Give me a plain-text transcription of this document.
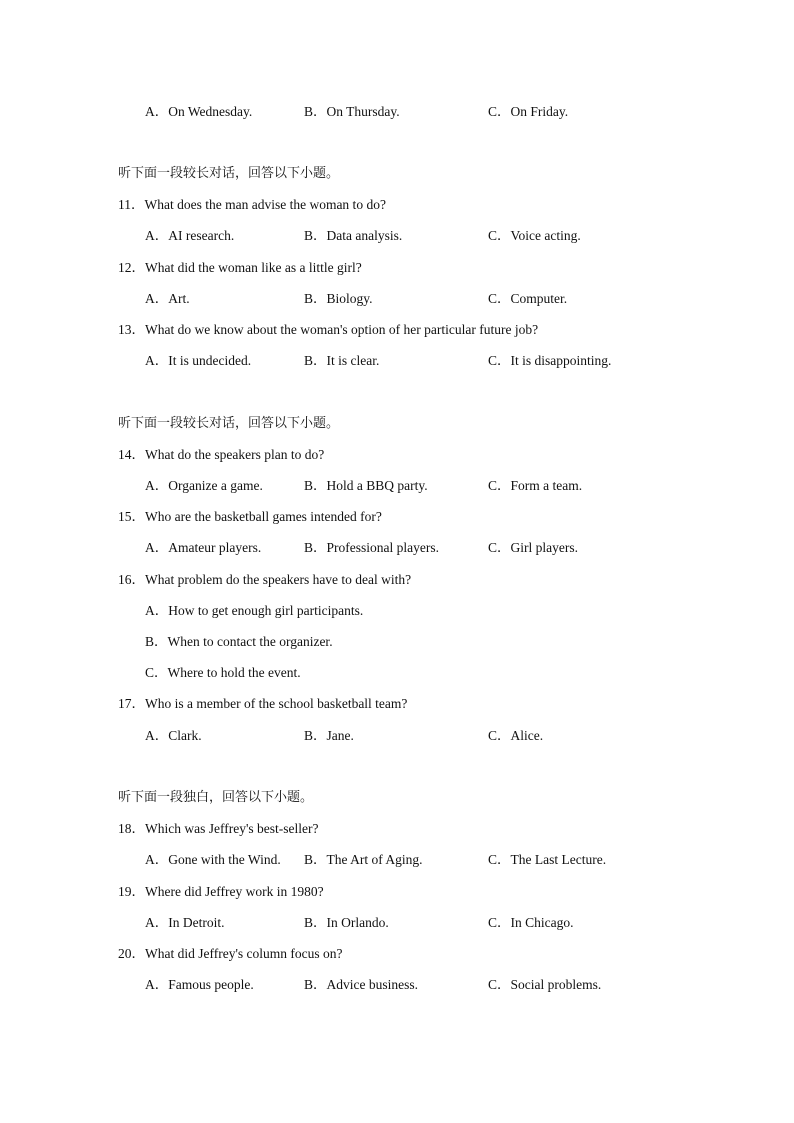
A．On Wednesday.	B．On Thursday.	C．On Friday.
听下面一段较长对话，回答以下小题。
11．What does the man advise the woman to do?
A．AI research.	B．Data analysis.	C．Voice acting.
12．What did the woman like as a little girl?
A．Art.	B．Biology.	C．Computer.
13．What do we know about the woman's option of her particular future job?
A．It is undecided.	B．It is clear.	C．It is disappointing.
听下面一段较长对话，回答以下小题。
14．What do the speakers plan to do?
A．Organize a game.	B．Hold a BBQ party.	C．Form a team.
15．Who are the basketball games intended for?
A．Amateur players.	B．Professional players.	C．Girl players.
16．What problem do the speakers have to deal with?
A．How to get enough girl participants.
B．When to contact the organizer.
C．Where to hold the event.
17．Who is a member of the school basketball team?
A．Clark.	B．Jane.	C．Alice.
听下面一段独白，回答以下小题。
18．Which was Jeffrey's best-seller?
A．Gone with the Wind. B．The Art of Aging.	C．The Last Lecture.
19．Where did Jeffrey work in 1980?
A．In Detroit.	B．In Orlando.	C．In Chicago.
20．What did Jeffrey's column focus on?
A．Famous people.	B．Advice business.	C．Social problems.
